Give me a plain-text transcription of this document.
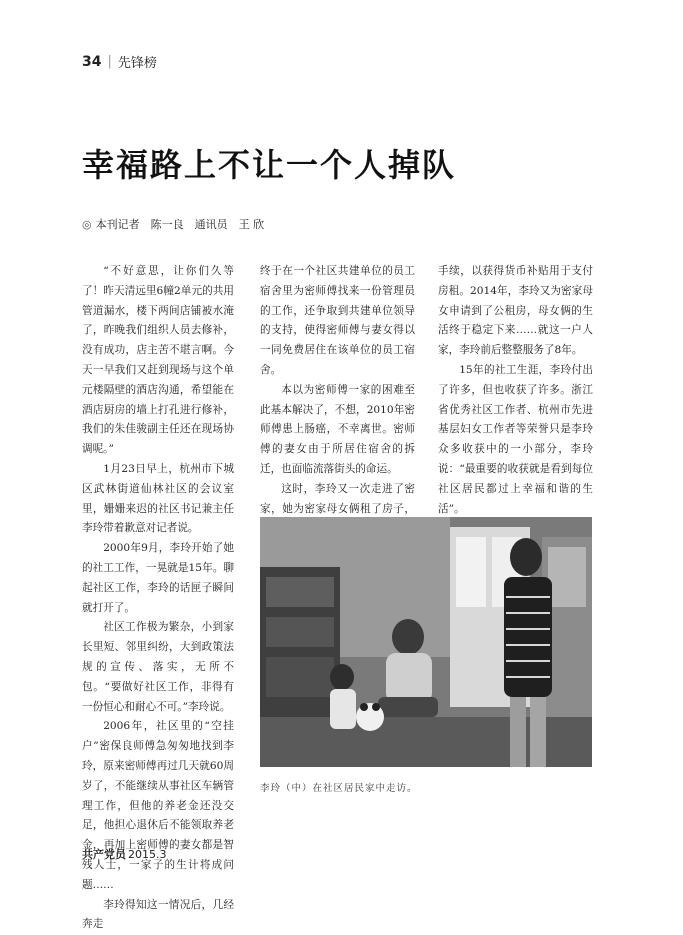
34 | 先锋榜
幸福路上不让一个人掉队
◎ 本刊记者　陈一良　通讯员　王 欣

“不好意思，让你们久等了！昨天清远里6幢2单元的共用管道漏水，楼下两间店铺被水淹了，昨晚我们组织人员去修补，没有成功，店主苦不堪言啊。今天一早我们又赶到现场与这个单元楼隔壁的酒店沟通，希望能在酒店厨房的墙上打孔进行修补，我们的朱佳骏副主任还在现场协调呢。”

1月23日早上，杭州市下城区武林街道仙林社区的会议室里，姗姗来迟的社区书记兼主任李玲带着歉意对记者说。

2000年9月，李玲开始了她的社工工作，一晃就是15年。聊起社区工作，李玲的话匣子瞬间就打开了。

社区工作极为繁杂，小到家长里短、邻里纠纷，大到政策法规的宣传、落实，无所不包。“要做好社区工作，非得有一份恒心和耐心不可。”李玲说。

2006年，社区里的“空挂户”密保良师傅急匆匆地找到李玲，原来密师傅再过几天就60周岁了，不能继续从事社区车辆管理工作，但他的养老金还没交足，他担心退休后不能领取养老金，再加上密师傅的妻女都是智残人士，一家子的生计将成问题……

李玲得知这一情况后，几经奔走

终于在一个社区共建单位的员工宿舍里为密师傅找来一份管理员的工作，还争取到共建单位领导的支持，使得密师傅与妻女得以一同免费居住在该单位的员工宿舍。

本以为密师傅一家的困难至此基本解决了，不想，2010年密师傅患上肠癌，不幸离世。密师傅的妻女由于所居住宿舍的拆迁，也面临流落街头的命运。

这时，李玲又一次走进了密家，她为密家母女俩租了房子，

手续，以获得货币补贴用于支付房租。2014年，李玲又为密家母女申请到了公租房，母女俩的生活终于稳定下来……就这一户人家，李玲前后整整服务了8年。

15年的社工生涯，李玲付出了许多，但也收获了许多。浙江省优秀社区工作者、杭州市先进基层妇女工作者等荣誉只是李玲众多收获中的一小部分，李玲说：“最重要的收获就是看到每位社区居民都过上幸福和谐的生活”。

李玲（中）在社区居民家中走访。
共产党员 2015.3
